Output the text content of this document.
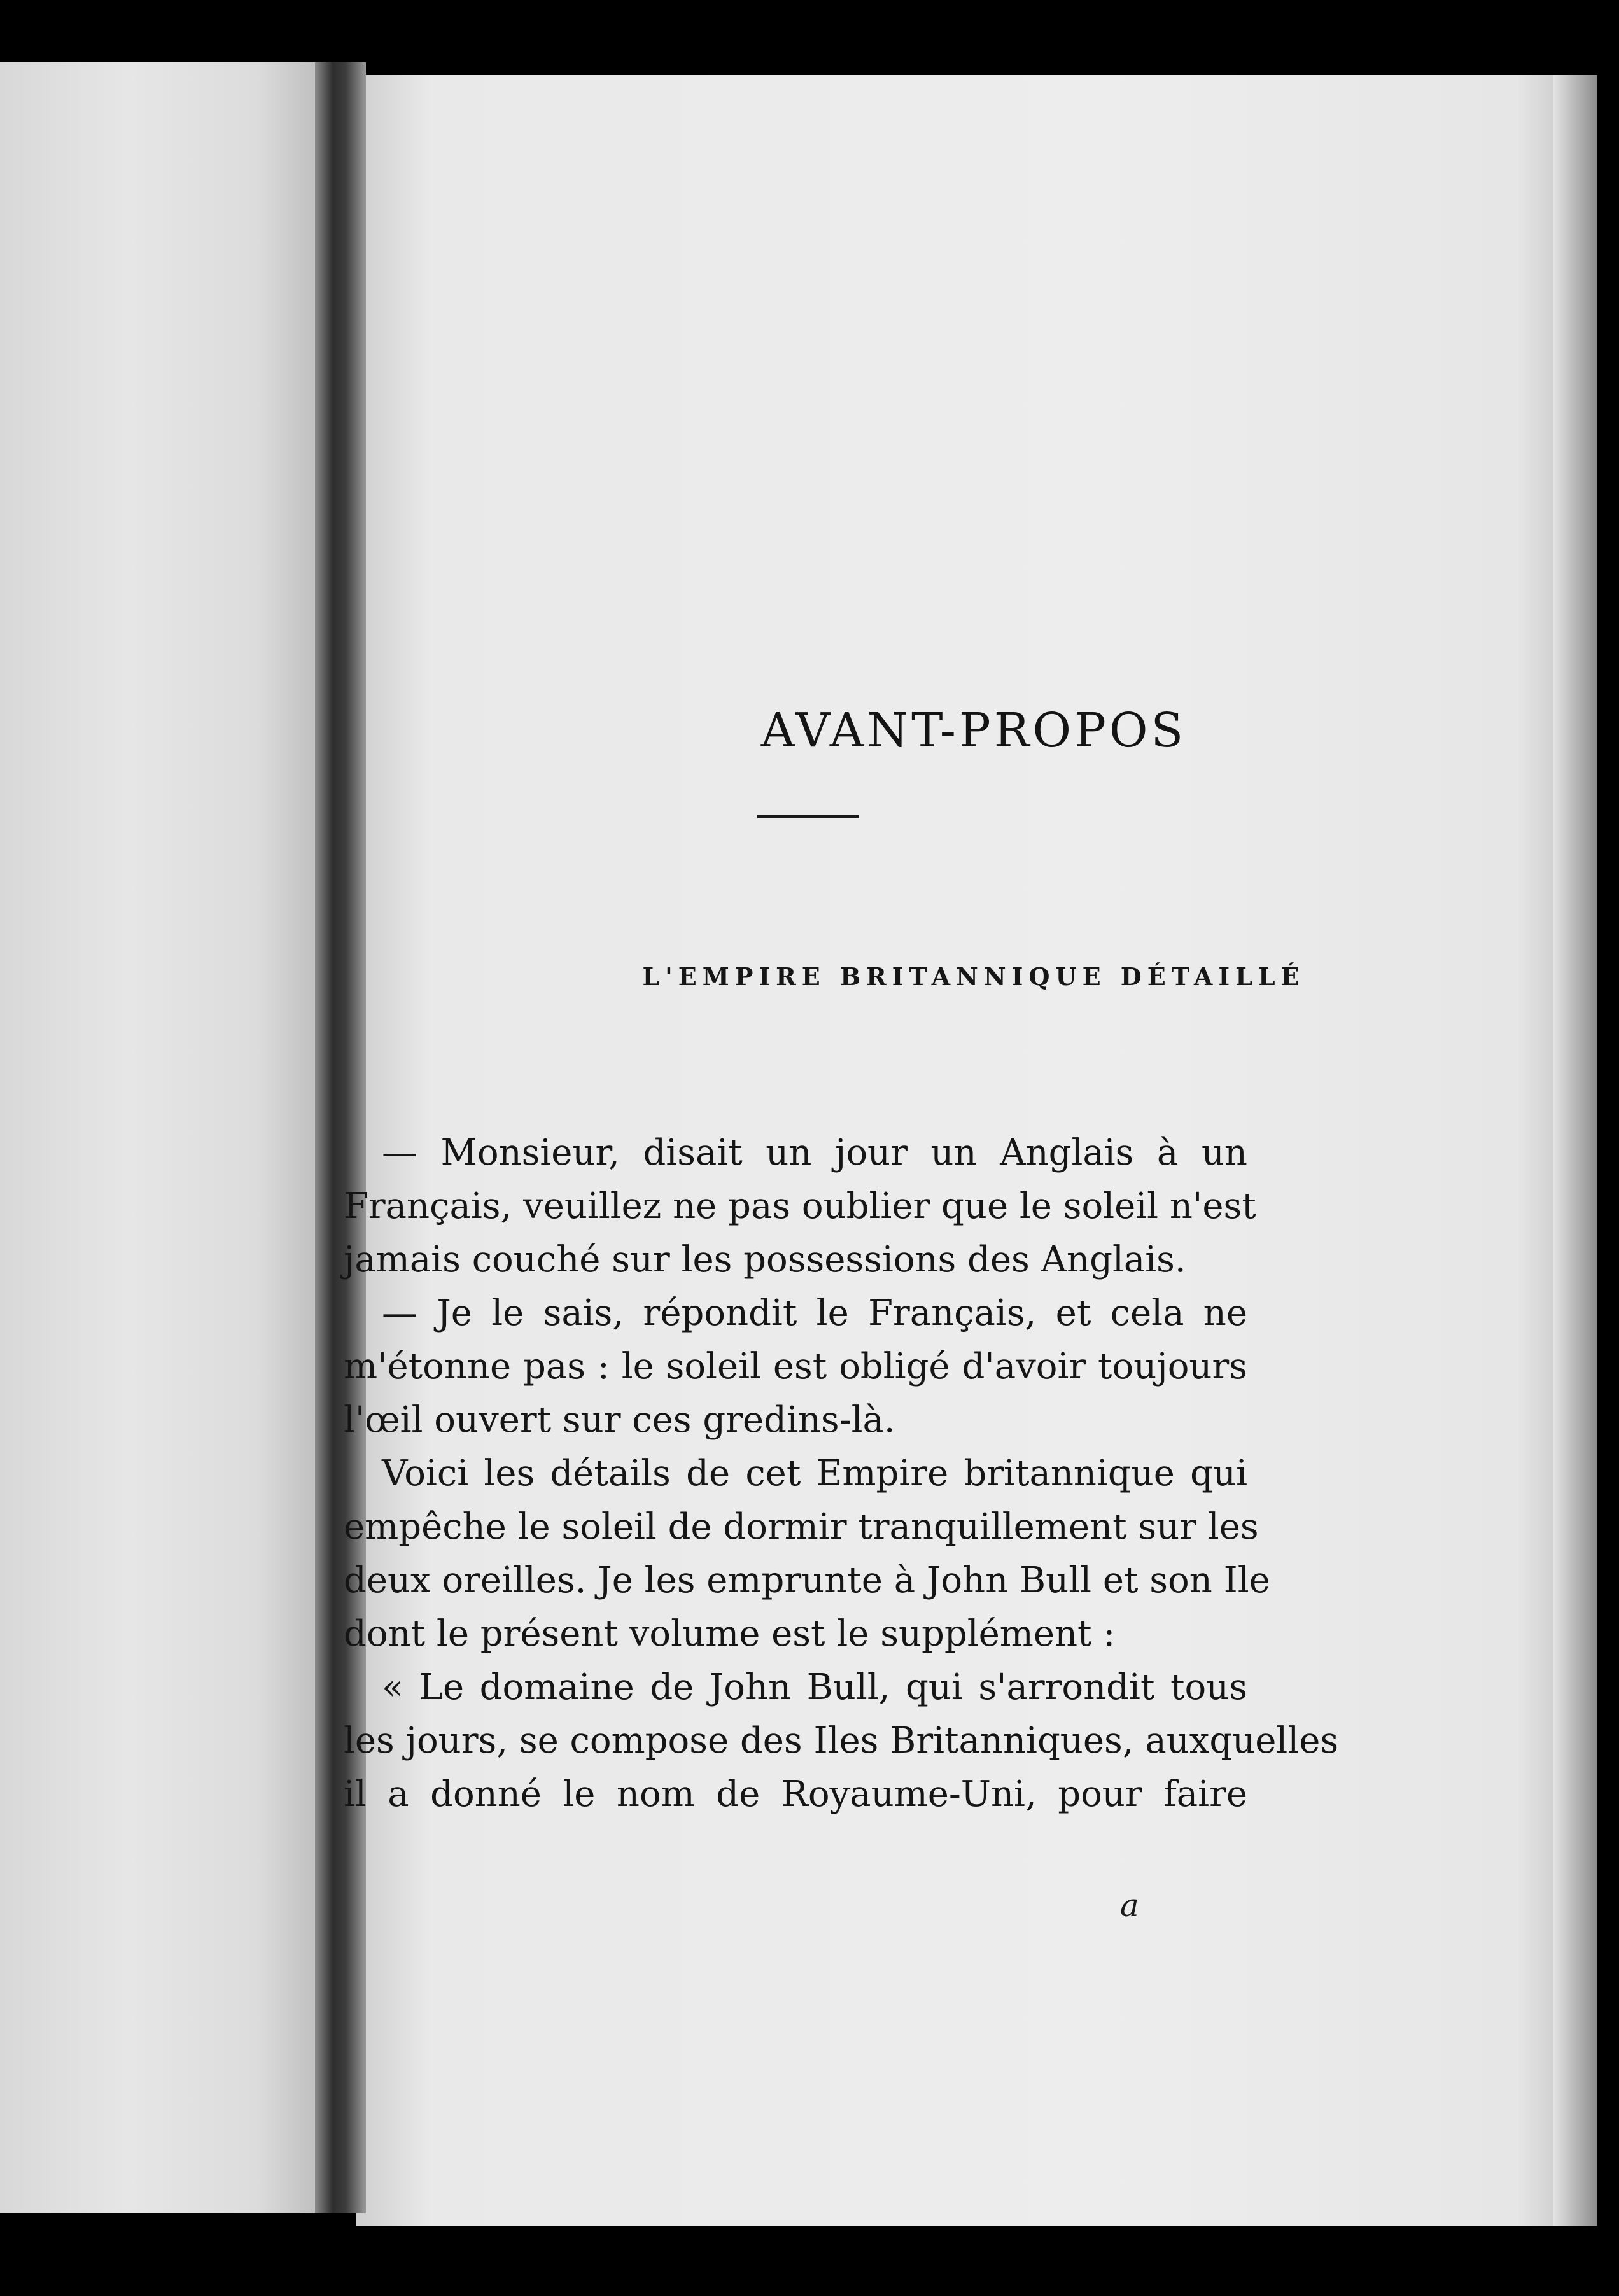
AVANT-PROPOS
L'EMPIRE BRITANNIQUE DÉTAILLÉ
— Monsieur, disait un jour un Anglais à un
Français, veuillez ne pas oublier que le soleil n'est
jamais couché sur les possessions des Anglais.
— Je le sais, répondit le Français, et cela ne
m'étonne pas : le soleil est obligé d'avoir toujours
l'œil ouvert sur ces gredins-là.
Voici les détails de cet Empire britannique qui
empêche le soleil de dormir tranquillement sur les
deux oreilles. Je les emprunte à John Bull et son Ile
dont le présent volume est le supplément :
« Le domaine de John Bull, qui s'arrondit tous
les jours, se compose des Iles Britanniques, auxquelles
il a donné le nom de Royaume-Uni, pour faire
a
